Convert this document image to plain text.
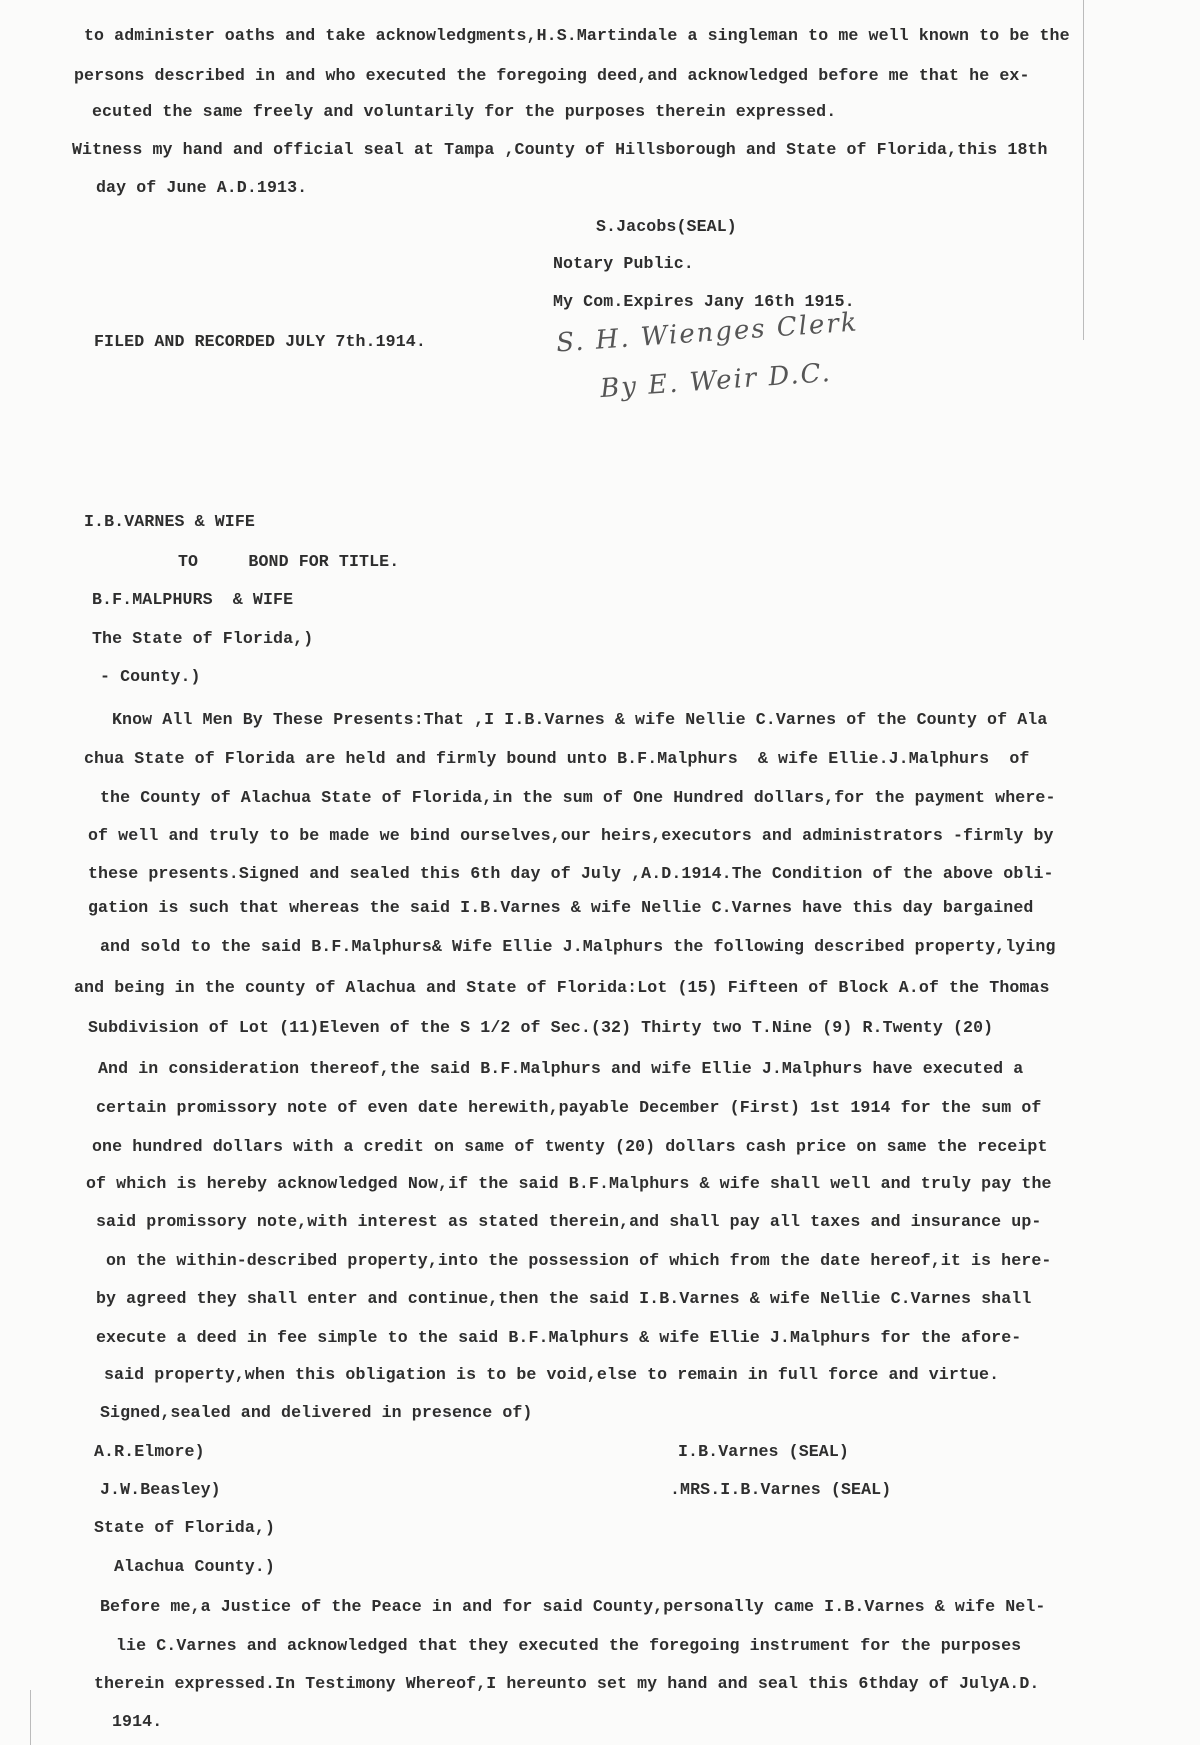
to administer oaths and take acknowledgments,H.S.Martindale a singleman to me well known to be the
persons described in and who executed the foregoing deed,and acknowledged before me that he ex-
ecuted the same freely and voluntarily for the purposes therein expressed.
Witness my hand and official seal at Tampa ,County of Hillsborough and State of Florida,this 18th
day of June A.D.1913.
S.Jacobs(SEAL)
Notary Public.
My Com.Expires Jany 16th 1915.
FILED AND RECORDED JULY 7th.1914.	S. H. Wienges Clerk
By E. Weir D.C.
I.B.VARNES & WIFE
TO     BOND FOR TITLE.
B.F.MALPHURS  & WIFE
The State of Florida,)
- County.)
Know All Men By These Presents:That ,I I.B.Varnes & wife Nellie C.Varnes of the County of Ala
chua State of Florida are held and firmly bound unto B.F.Malphurs  & wife Ellie.J.Malphurs  of
the County of Alachua State of Florida,in the sum of One Hundred dollars,for the payment where-
of well and truly to be made we bind ourselves,our heirs,executors and administrators -firmly by
these presents.Signed and sealed this 6th day of July ,A.D.1914.The Condition of the above obli-
gation is such that whereas the said I.B.Varnes & wife Nellie C.Varnes have this day bargained
and sold to the said B.F.Malphurs& Wife Ellie J.Malphurs the following described property,lying
and being in the county of Alachua and State of Florida:Lot (15) Fifteen of Block A.of the Thomas
Subdivision of Lot (11)Eleven of the S 1/2 of Sec.(32) Thirty two T.Nine (9) R.Twenty (20)
And in consideration thereof,the said B.F.Malphurs and wife Ellie J.Malphurs have executed a
certain promissory note of even date herewith,payable December (First) 1st 1914 for the sum of
one hundred dollars with a credit on same of twenty (20) dollars cash price on same the receipt
of which is hereby acknowledged Now,if the said B.F.Malphurs & wife shall well and truly pay the
said promissory note,with interest as stated therein,and shall pay all taxes and insurance up-
on the within-described property,into the possession of which from the date hereof,it is here-
by agreed they shall enter and continue,then the said I.B.Varnes & wife Nellie C.Varnes shall
execute a deed in fee simple to the said B.F.Malphurs & wife Ellie J.Malphurs for the afore-
said property,when this obligation is to be void,else to remain in full force and virtue.
Signed,sealed and delivered in presence of)
A.R.Elmore)
J.W.Beasley)
I.B.Varnes (SEAL)
.MRS.I.B.Varnes (SEAL)
State of Florida,)
Alachua County.)
Before me,a Justice of the Peace in and for said County,personally came I.B.Varnes & wife Nel-
lie C.Varnes and acknowledged that they executed the foregoing instrument for the purposes
therein expressed.In Testimony Whereof,I hereunto set my hand and seal this 6thday of JulyA.D.
1914.
